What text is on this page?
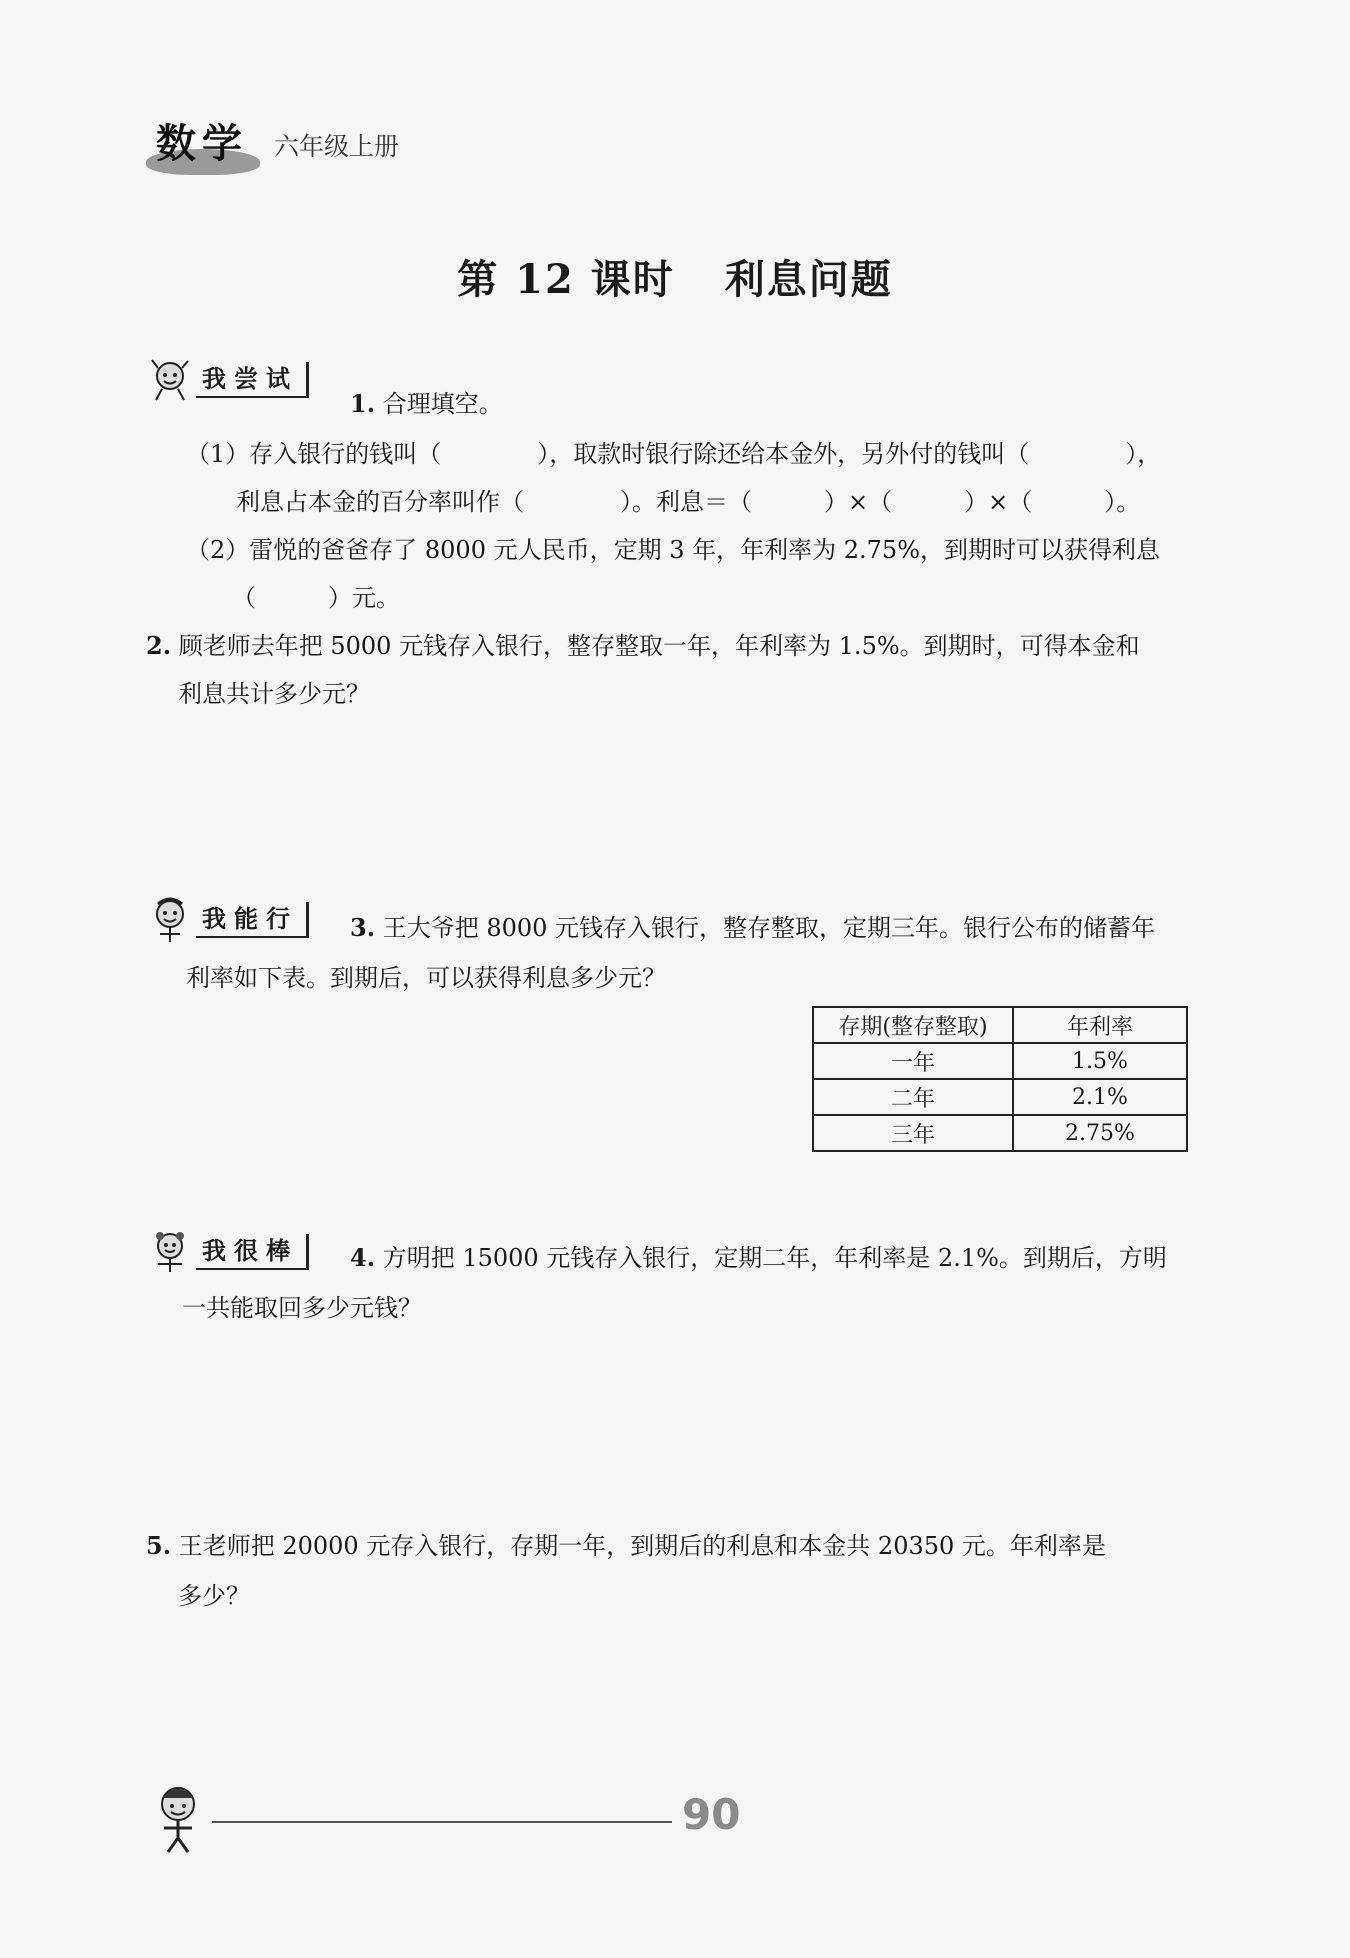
数学 六年级上册
第 12 课时 利息问题
我尝试
1. 合理填空。
（1）存入银行的钱叫（　　　　），取款时银行除还给本金外，另外付的钱叫（　　　　），
利息占本金的百分率叫作（　　　　）。利息＝（　　　）×（　　　）×（　　　）。
（2）雷悦的爸爸存了 8000 元人民币，定期 3 年，年利率为 2.75%，到期时可以获得利息
（　　　）元。
2. 顾老师去年把 5000 元钱存入银行，整存整取一年，年利率为 1.5%。到期时，可得本金和
利息共计多少元？
我能行	3. 王大爷把 8000 元钱存入银行，整存整取，定期三年。银行公布的储蓄年
利率如下表。到期后，可以获得利息多少元？
存期(整存整取)	年利率
一年	1.5%
二年	2.1%
三年	2.75%
我很棒	4. 方明把 15000 元钱存入银行，定期二年，年利率是 2.1%。到期后，方明
一共能取回多少元钱？
5. 王老师把 20000 元存入银行，存期一年，到期后的利息和本金共 20350 元。年利率是
多少？
90
